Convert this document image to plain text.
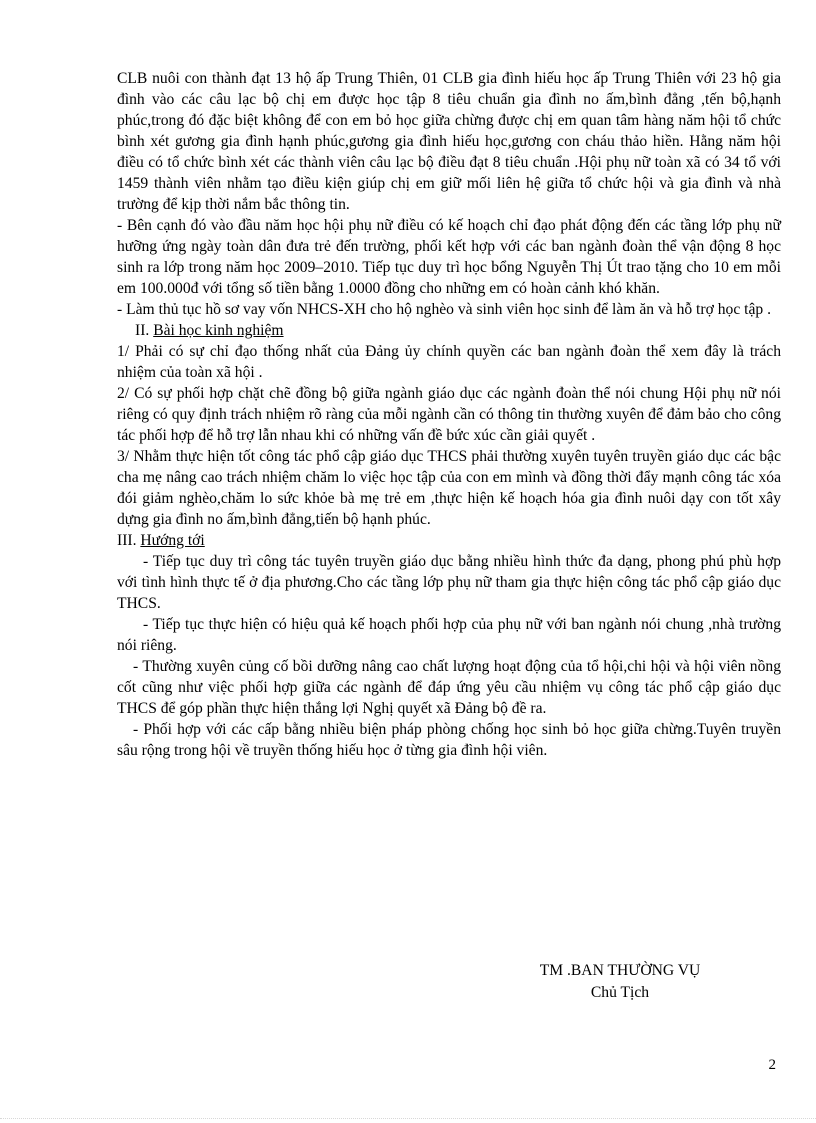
CLB nuôi con thành đạt 13 hộ ấp Trung Thiên, 01 CLB gia đình hiếu học ấp Trung Thiên với 23 hộ gia đình vào các câu lạc bộ chị em được học tập 8 tiêu chuẩn gia đình no ấm,bình đẳng ,tến bộ,hạnh phúc,trong đó đặc biệt không để con em bỏ học giữa chừng được chị em quan tâm hàng năm hội tổ chức bình xét gương gia đình hạnh phúc,gương gia đình hiếu học,gương con cháu thảo hiền. Hằng năm hội điều có tổ chức bình xét các thành viên câu lạc bộ điều đạt 8 tiêu chuẩn .Hội phụ nữ toàn xã có 34 tổ với 1459 thành viên nhằm tạo điều kiện giúp chị em giữ mối liên hệ giữa tổ chức hội và gia đình và nhà trường để kịp thời nắm bắc thông tin.

- Bên cạnh đó vào đầu năm học hội phụ nữ điều có kế hoạch chỉ đạo phát động đến các tầng lớp phụ nữ hưỡng ứng ngày toàn dân đưa trẻ đến trường, phối kết hợp với các ban ngành đoàn thể vận động 8 học sinh ra lớp trong năm học 2009–2010. Tiếp tục duy trì học bổng Nguyễn Thị Út trao tặng cho 10 em mỗi em 100.000đ với tổng số tiền bằng 1.0000 đồng cho những em có hoàn cảnh khó khăn.

- Làm thủ tục hồ sơ vay vốn NHCS-XH cho hộ nghèo và sinh viên học sinh để làm ăn và hỗ trợ học tập .

II. Bài học kinh nghiệm

1/ Phải có sự chỉ đạo thống nhất của Đảng ủy chính quyền các ban ngành đoàn thể xem đây là trách nhiệm của toàn xã hội .

2/ Có sự phối hợp chặt chẽ đồng bộ giữa ngành giáo dục các ngành đoàn thể nói chung Hội phụ nữ nói riêng có quy định trách nhiệm rõ ràng của mỗi ngành cần có thông tin thường xuyên để đảm bảo cho công tác phối hợp để hỗ trợ lẫn nhau khi có những vấn đề bức xúc cần giải quyết .

3/ Nhằm thực hiện tốt công tác phổ cập giáo dục THCS phải thường xuyên tuyên truyền giáo dục các bậc cha mẹ nâng cao trách nhiệm chăm lo việc học tập của con em mình và đồng thời đẩy mạnh công tác xóa đói giảm nghèo,chăm lo sức khỏe bà mẹ trẻ em ,thực hiện kế hoạch hóa gia đình nuôi dạy con tốt xây dựng gia đình no ấm,bình đẳng,tiến bộ hạnh phúc.

III. Hướng tới

- Tiếp tục duy trì công tác tuyên truyền giáo dục bằng nhiều hình thức đa dạng, phong phú phù hợp với tình hình thực tế ở địa phương.Cho các tầng lớp phụ nữ tham gia thực hiện công tác phổ cập giáo dục THCS.

- Tiếp tục thực hiện có hiệu quả kế hoạch phối hợp của phụ nữ với ban ngành nói chung ,nhà trường nói riêng.

- Thường xuyên củng cố bồi dưỡng nâng cao chất lượng hoạt động của tổ hội,chi hội và hội viên nồng cốt cũng như việc phối hợp giữa các ngành để đáp ứng yêu cầu nhiệm vụ công tác phổ cập giáo dục THCS để góp phần thực hiện thắng lợi Nghị quyết xã Đảng bộ đề ra.

- Phối hợp với các cấp bằng nhiều biện pháp phòng chống học sinh bỏ học giữa chừng.Tuyên truyền sâu rộng trong hội về truyền thống hiếu học ở từng gia đình hội viên.

TM .BAN THƯỜNG VỤ
Chủ Tịch
2
